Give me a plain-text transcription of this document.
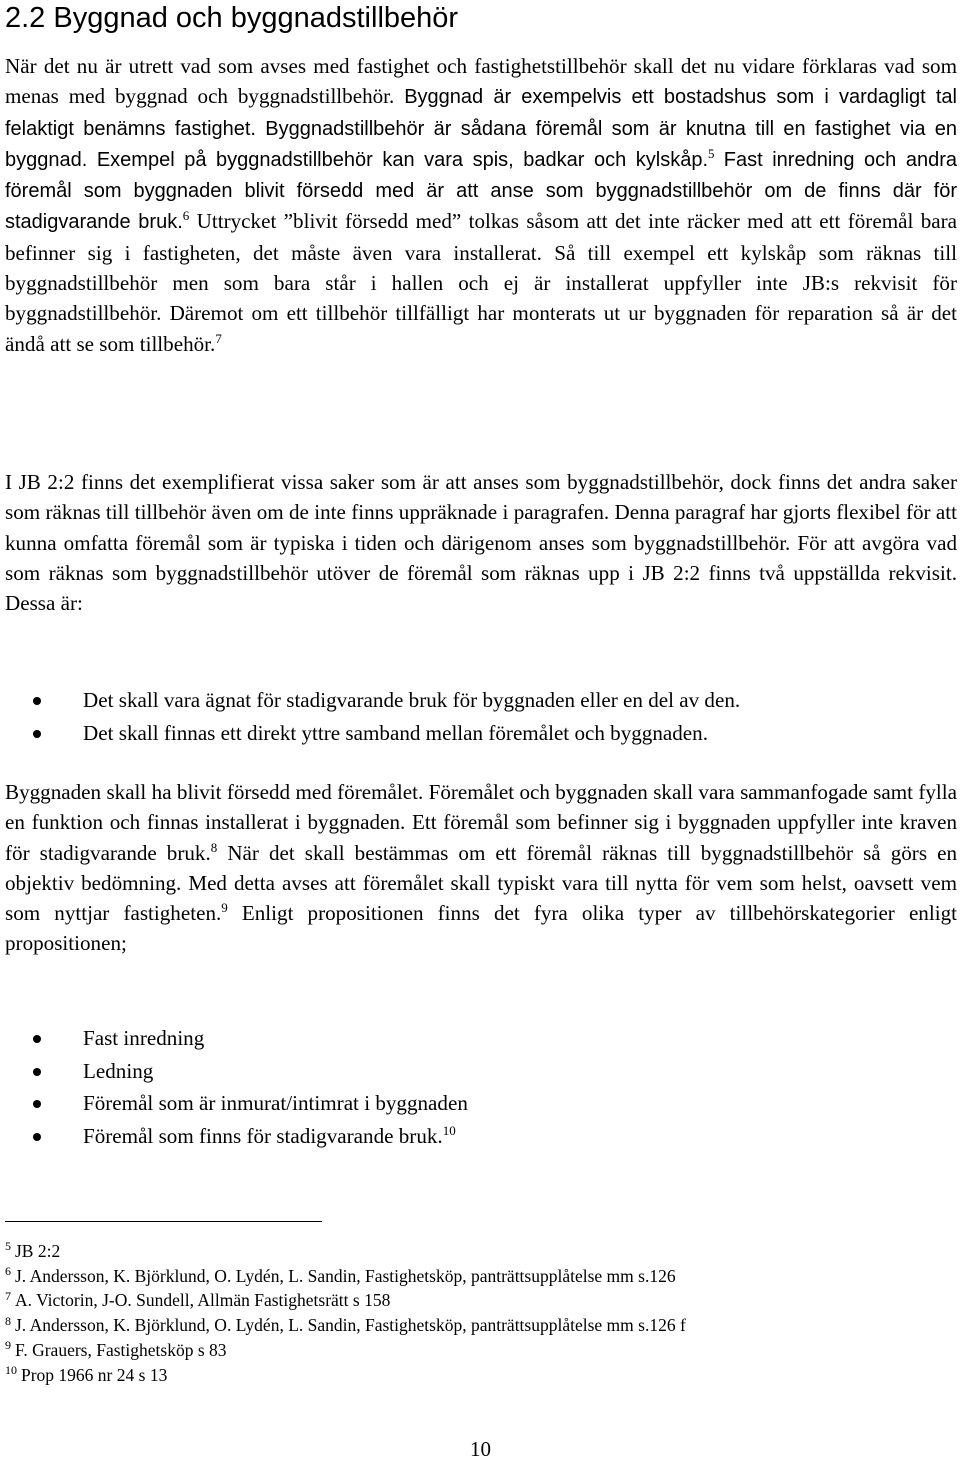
2.2 Byggnad och byggnadstillbehör

När det nu är utrett vad som avses med fastighet och fastighetstillbehör skall det nu vidare förklaras vad som menas med byggnad och byggnadstillbehör. Byggnad är exempelvis ett bostadshus som i vardagligt tal felaktigt benämns fastighet. Byggnadstillbehör är sådana föremål som är knutna till en fastighet via en byggnad. Exempel på byggnadstillbehör kan vara spis, badkar och kylskåp.$^5$ Fast inredning och andra föremål som byggnaden blivit försedd med är att anse som byggnadstillbehör om de finns där för stadigvarande bruk.$^6$ Uttrycket ”blivit försedd med” tolkas såsom att det inte räcker med att ett föremål bara befinner sig i fastigheten, det måste även vara installerat. Så till exempel ett kylskåp som räknas till byggnadstillbehör men som bara står i hallen och ej är installerat uppfyller inte JB:s rekvisit för byggnadstillbehör. Däremot om ett tillbehör tillfälligt har monterats ut ur byggnaden för reparation så är det ändå att se som tillbehör.$^7$

I JB 2:2 finns det exemplifierat vissa saker som är att anses som byggnadstillbehör, dock finns det andra saker som räknas till tillbehör även om de inte finns uppräknade i paragrafen. Denna paragraf har gjorts flexibel för att kunna omfatta föremål som är typiska i tiden och därigenom anses som byggnadstillbehör. För att avgöra vad som räknas som byggnadstillbehör utöver de föremål som räknas upp i JB 2:2 finns två uppställda rekvisit. Dessa är:

Det skall vara ägnat för stadigvarande bruk för byggnaden eller en del av den.
Det skall finnas ett direkt yttre samband mellan föremålet och byggnaden.

Byggnaden skall ha blivit försedd med föremålet. Föremålet och byggnaden skall vara sammanfogade samt fylla en funktion och finnas installerat i byggnaden. Ett föremål som befinner sig i byggnaden uppfyller inte kraven för stadigvarande bruk.$^8$ När det skall bestämmas om ett föremål räknas till byggnadstillbehör så görs en objektiv bedömning. Med detta avses att föremålet skall typiskt vara till nytta för vem som helst, oavsett vem som nyttjar fastigheten.$^9$ Enligt propositionen finns det fyra olika typer av tillbehörskategorier enligt propositionen;

Fast inredning
Ledning
Föremål som är inmurat/intimrat i byggnaden
Föremål som finns för stadigvarande bruk.$^{10}$
$^5$ JB 2:2
$^6$ J. Andersson, K. Björklund, O. Lydén, L. Sandin, Fastighetsköp, panträttsupplåtelse mm s.126
$^7$ A. Victorin, J-O. Sundell, Allmän Fastighetsrätt s 158
$^8$ J. Andersson, K. Björklund, O. Lydén, L. Sandin, Fastighetsköp, panträttsupplåtelse mm s.126 f
$^9$ F. Grauers, Fastighetsköp s 83
$^{10}$ Prop 1966 nr 24 s 13
10
